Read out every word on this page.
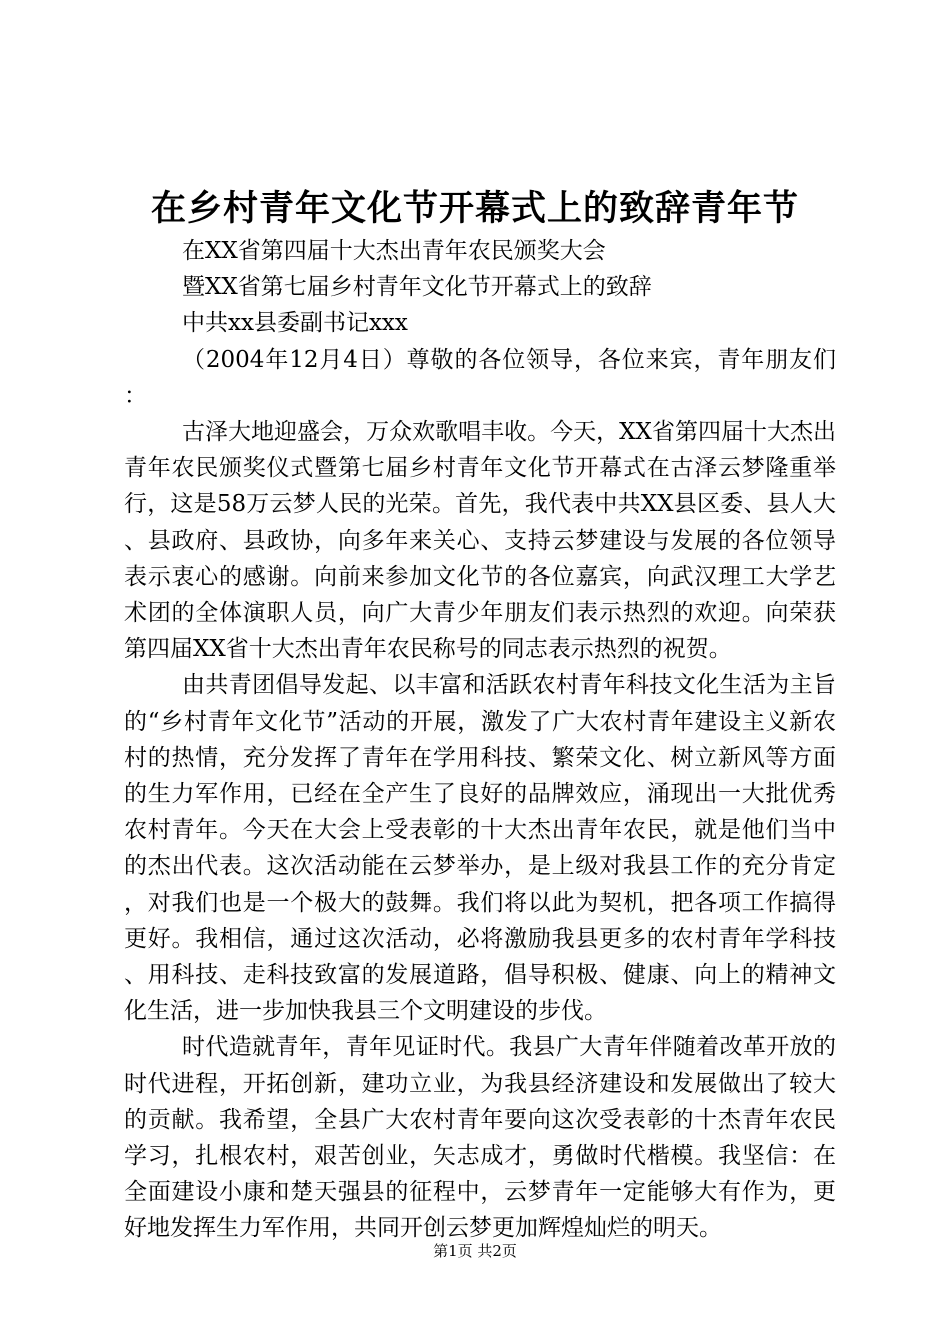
在乡村青年文化节开幕式上的致辞青年节

在XX省第四届十大杰出青年农民颁奖大会

暨XX省第七届乡村青年文化节开幕式上的致辞

中共xx县委副书记xxx

（2004年12月4日）尊敬的各位领导，各位来宾，青年朋友们：

古泽大地迎盛会，万众欢歌唱丰收。今天，XX省第四届十大杰出青年农民颁奖仪式暨第七届乡村青年文化节开幕式在古泽云梦隆重举行，这是58万云梦人民的光荣。首先，我代表中共XX县区委、县人大、县政府、县政协，向多年来关心、支持云梦建设与发展的各位领导表示衷心的感谢。向前来参加文化节的各位嘉宾，向武汉理工大学艺术团的全体演职人员，向广大青少年朋友们表示热烈的欢迎。向荣获第四届XX省十大杰出青年农民称号的同志表示热烈的祝贺。

由共青团倡导发起、以丰富和活跃农村青年科技文化生活为主旨的“乡村青年文化节”活动的开展，激发了广大农村青年建设主义新农村的热情，充分发挥了青年在学用科技、繁荣文化、树立新风等方面的生力军作用，已经在全产生了良好的品牌效应，涌现出一大批优秀农村青年。今天在大会上受表彰的十大杰出青年农民，就是他们当中的杰出代表。这次活动能在云梦举办，是上级对我县工作的充分肯定，对我们也是一个极大的鼓舞。我们将以此为契机，把各项工作搞得更好。我相信，通过这次活动，必将激励我县更多的农村青年学科技、用科技、走科技致富的发展道路，倡导积极、健康、向上的精神文化生活，进一步加快我县三个文明建设的步伐。

时代造就青年，青年见证时代。我县广大青年伴随着改革开放的时代进程，开拓创新，建功立业，为我县经济建设和发展做出了较大的贡献。我希望，全县广大农村青年要向这次受表彰的十杰青年农民学习，扎根农村，艰苦创业，矢志成才，勇做时代楷模。我坚信：在全面建设小康和楚天强县的征程中，云梦青年一定能够大有作为，更好地发挥生力军作用，共同开创云梦更加辉煌灿烂的明天。

第1页 共2页
